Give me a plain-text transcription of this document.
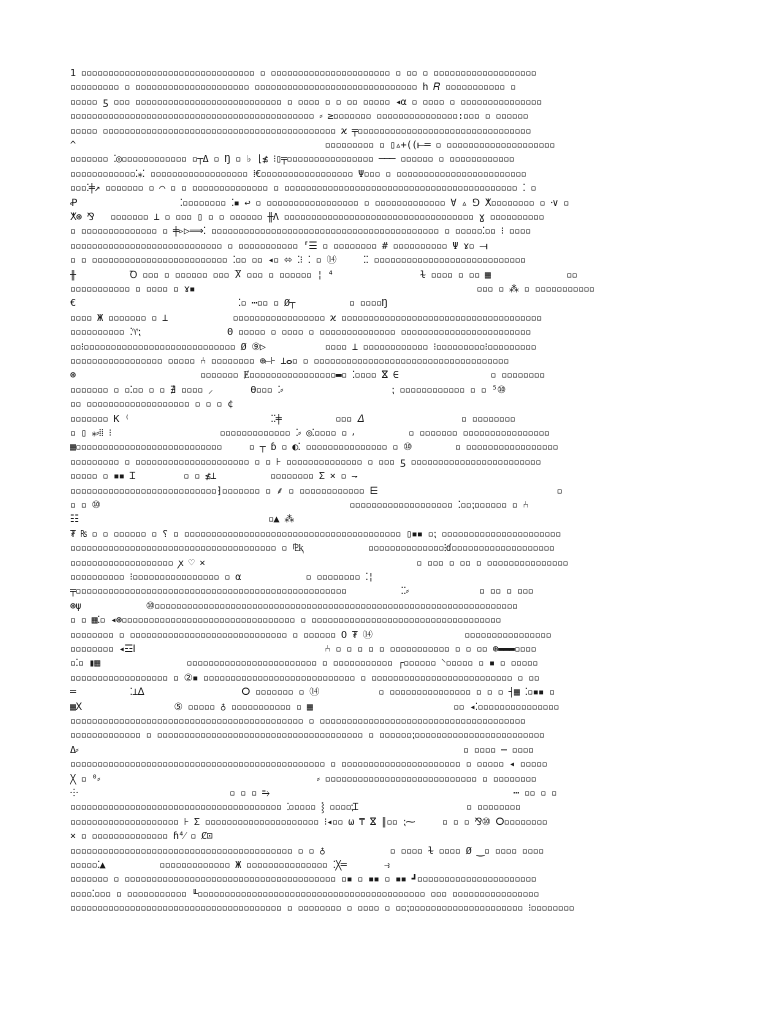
1 ▫▫▫▫▫▫▫▫▫▫▫▫▫▫▫▫▫▫▫▫▫▫▫▫▫▫▫▫▫▫▫▫ ▫ ▫▫▫▫▫▫▫▫▫▫▫▫▫▫▫▫▫▫▫▫▫▫ ▫ ▫▫ ▫ ▫▫▫▫▫▫▫▫▫▫▫▫▫▫▫▫▫▫▫
▫▫▫▫▫▫▫▫▫ ▫ ▫▫▫▫▫▫▫▫▫▫▫▫▫▫▫▫▫▫▫▫▫ ▫▫▫▫▫▫▫▫▫▫▫▫▫▫▫▫▫▫▫▫▫▫▫▫▫▫▫▫▫▫ h 𝑅 ▫▫▫▫▫▫▫▫▫▫▫ ▫
▫▫▫▫▫ ƽ ▫▫▫ ▫▫▫▫▫▫▫▫▫▫▫▫▫▫▫▫▫▫▫▫▫▫▫▫▫▫▫ ▫ ▫▫▫▫ ▫ ▫ ▫▫ ▫▫▫▫▫ ◂α ▫ ▫▫▫▫ ▫ ▫▫▫▫▫▫▫▫▫▫▫▫▫▫▫
▫▫▫▫▫▫▫▫▫▫▫▫▫▫▫▫▫▫▫▫▫▫▫▫▫▫▫▫▫▫▫▫▫▫▫▫▫▫▫▫▫▫▫▫▫ ⸗ ≥▫▫▫▫▫▫▫ ▫▫▫▫▫▫▫▫▫▫▫▫▫▫▫:▫▫▫ ▫ ▫▫▫▫▫▫
▫▫▫▫▫ ▫▫▫▫▫▫▫▫▫▫▫▫▫▫▫▫▫▫▫▫▫▫▫▫▫▫▫▫▫▫▫▫▫▫▫▫▫▫▫▫▫▫▫ ϰ ╤▫▫▫▫▫▫▫▫▫▫▫▫▫▫▫▫▫▫▫▫▫▫▫▫▫▫▫▫▫▫▫▫
^                                              ▫▫▫▫▫▫▫▫▫ ▫ ▯▵+((⟝═ ▫ ▫▫▫▫▫▫▫▫▫▫▫▫▫▫▫▫▫▫▫▫
▫▫▫▫▫▫▫ ⁚◎▫▫▫▫▫▫▫▫▫▫▫▫ ▫┬Δ ▫ Ŋ ▫ ♭ ⌊≴ ⁝▯╤▫▫▫▫▫▫▫▫▫▫▫▫▫▫▫▫ ─── ▫▫▫▫▫▫ ▫ ▫▫▫▫▫▫▫▫▫▫▫▫
▫▫▫▫▫▫▫▫▫▫▫▫⁚⁎⁚ ▫▫▫▫▫▫▫▫▫▫▫▫▫▫▫▫▫▫ ⁞€▫▫▫▫▫▫▫▫▫▫▫▫▫▫▫▫▫ Ψ▫▫▫ ▫ ▫▫▫▫▫▫▫▫▫▫▫▫▫▫▫▫▫▫▫▫▫▫▫▫
▫▫▫⁚╪↗ ▫▫▫▫▫▫▫ ▫ ⌒ ▫ ▫ ▫▫▫▫▫▫▫▫▫▫▫▫▫▫ ▫ ▫▫▫▫▫▫▫▫▫▫▫▫▫▫▫▫▫▫▫▫▫▫▫▫▫▫▫▫▫▫▫▫▫▫▫▫▫▫▫▫▫▫▫ ⁚ ▫
Ꝓ                   ⁚▫▫▫▫▫▫▫▫ ⁚▪ ↩ ▫ ▫▫▫▫▫▫▫▫▫▫▫▫▫▫▫▫▫ ▫ ▫▫▫▫▫▫▫▫▫▫▫▫▫ ∀ ▵ ⅁ ⵅ▫▫▫▫▫▫▫▫ ▫ ⸱∨ ▫
ⵅ⊛ ⅋   ▫▫▫▫▫▫▫ ⊥ ▫ ▫▫▫ ▯ ▫ ▫ ▫▫▫▫▫▫ ╫Λ ▫▫▫▫▫▫▫▫▫▫▫▫▫▫▫▫▫▫▫▫▫▫▫▫▫▫▫▫▫▫▫▫▫▫▫ ɣ ▫▫▫▫▫▫▫▫▫▫
▫ ▫▫▫▫▫▫▫▫▫▫▫▫▫▫ ▫ ╪▹▷⟹⁚ ▫▫▫▫▫▫▫▫▫▫▫▫▫▫▫▫▫▫▫▫▫▫▫▫▫▫▫▫▫▫▫▫▫▫▫▫▫▫▫▫▫▫ ▫ ▫▫▫▫▫⁚▫▫ ⁝ ▫▫▫▫
▫▫▫▫▫▫▫▫▫▫▫▫▫▫▫▫▫▫▫▫▫▫▫▫▫▫▫▫ ▫ ▫▫▫▫▫▫▫▫▫▫▫ ⸢☰ ▫ ▫▫▫▫▫▫▫▫ # ▫▫▫▫▫▫▫▫▫▫ Ψ ɤ▫ ⟞
▫ ▫ ▫▫▫▫▫▫▫▫▫▫▫▫▫▫▫▫▫▫▫▫▫▫▫▫▫ ⁚▫▫ ▫▫ ◂▫ ⬄ ⁚⁝ ⁚ ▫ ⑭     ⁚⁚ ▫▫▫▫▫▫▫▫▫▫▫▫▫▫▫▫▫▫▫▫▫▫▫▫▫▫▫▫
╫          Ꝺ ▫▫▫ ▫ ▫▫▫▫▫▫ ▫▫▫ Ⴟ ▫▫▫ ▫ ▫▫▫▫▫▫ ¦ ⁴                ɫ ▫▫▫▫ ▫ ▫▫ ▦              ▫▫
▫▫▫▫▫▫▫▫▫▫▫ ▫ ▫▫▫▫ ▫ ɤ▪                                                    ▫▫▫ ▫ ⁂ ▫ ▫▫▫▫▫▫▫▫▫▫▫
€                              ⁚▫ ⋯▫▫ ▫ Ø┬          ▫ ▫▫▫▫Ŋ
▫▫▫▫ Ж ▫▫▫▫▫▫▫ ▫ ⊥            ▫▫▫▫▫▫▫▫▫▫▫▫▫▫▫▫▫ ϰ ▫▫▫▫▫▫▫▫▫▫▫▫▫▫▫▫▫▫▫▫▫▫▫▫▫▫▫▫▫▫▫▫▫▫▫▫▫
▫▫▫▫▫▫▫▫▫▫ ⁚♈⁏                Θ ▫▫▫▫▫ ▫ ▫▫▫▫ ▫ ▫▫▫▫▫▫▫▫▫▫▫▫▫▫ ▫▫▫▫▫▫▫▫▫▫▫▫▫▫▫▫▫▫▫▫▫▫▫▫
▫▫⁝▫▫▫▫▫▫▫▫▫▫▫▫▫▫▫▫▫▫▫▫▫▫▫▫▫▫▫▫ Ø ⑨▷           ▫▫▫▫ ⊥ ▫▫▫▫▫▫▫▫▫▫▫▫ ⁝▫▫▫▫▫▫▫▫▫⁝▫▫▫▫▫▫▫▫▫
▫▫▫▫▫▫▫▫▫▫▫▫▫▫▫▫▫ ▫▫▫▫▫ ⑃ ▫▫▫▫▫▫▫▫ ⊕⟝⊦ ⊥ⴰ▫ ▫ ▫▫▫▫▫▫▫▫▫▫▫▫▫▫▫▫▫▫▫▫▫▫▫▫▫▫▫▫▫▫▫▫▫▫▫▫
⊛                       ▫▫▫▫▫▫▫ Ɇ▫▫▫▫▫▫▫▫▫▫▫▫▫▫▫▫▬▫ ⁚▫▫▫▫ ⴵ ∈                 ▫ ▫▫▫▫▫▫▫▫
▫▫▫▫▫▫▫ ▫ ▫⁚▫▫ ▫ ▫ ∄ ▫▫▫▫ ⸝       ϴ▫▫▫ ⁚⸗                    ⁏ ▫▫▫▫▫▫▫▫▫▫▫▫ ▫ ▫ ⁵⑩
▫▫ ▫▫▫▫▫▫▫▫▫▫▫▫▫▫▫▫▫▫▫ ▫ ▫ ▫ ¢
▫▫▫▫▫▫▫ K ⁽                          ⁚⁚╪          ▫▫▫ 𝛥                  ▫ ▫▫▫▫▫▫▫▫
▫ ▯ ⁎⸗⁞⁞ ⁝                    ▫▫▫▫▫▫▫▫▫▫▫▫▫ ⁚⸗ ◎⁚▫▫▫▫ ▫ ⸴          ▫ ▫▫▫▫▫▫▫ ▫▫▫▫▫▫▫▫▫▫▫▫▫▫▫▫
▦▫▫▫▫▫▫▫▫▫▫▫▫▫▫▫▫▫▫▫▫▫▫▫▫▫▫▫     ▫ ┬ ɓ ▫ ◐⁚ ▫▫▫▫▫▫▫▫▫▫▫▫▫▫▫ ▫ ⑩        ▫ ▫▫▫▫▫▫▫▫▫▫▫▫▫▫▫▫▫
▫▫▫▫▫▫▫▫▫ ▫ ▫▫▫▫▫▫▫▫▫▫▫▫▫▫▫▫▫▫▫▫▫ ▫ ▫ ⊦ ▫▫▫▫▫▫▫▫▫▫▫▫▫▫ ▫ ▫▫▫ ƽ ▫▫▫▫▫▫▫▫▫▫▫▫▫▫▫▫▫▫▫▫▫▫▫▫
▫▫▫▫▫ ▫ ▪▪ Ɪ         ▫ ▫ ≴⊥          ▫▫▫▫▫▫▫▫ Σ ⨯ ▫ ⇁
▫▫▫▫▫▫▫▫▫▫▫▫▫▫▫▫▫▫▫▫▫▫▫▫▫▫▫⁆▫▫▫▫▫▫▫ ▫ ⸙ ▫ ▫▫▫▫▫▫▫▫▫▫▫▫ ⋿                                 ▫
▫ ▫ ⑩                                              ▫▫▫▫▫▫▫▫▫▫▫▫▫▫▫▫▫▫▫ ⁚▫▫⁏▫▫▫▫▫▫ ▫ ⑃
☷                                   ▫▲ ⁂
₮ ₨ ▫ ▫ ▫▫▫▫▫▫ ▫ ⸮ ▫ ▫▫▫▫▫▫▫▫▫▫▫▫▫▫▫▫▫▫▫▫▫▫▫▫▫▫▫▫▫▫▫▫▫▫▫▫▫▫▫▫ ▯▪▪ ▫⁏ ▫▫▫▫▫▫▫▫▫▫▫▫▫▫▫▫▫▫▫▫▫▫
▫▫▫▫▫▫▫▫▫▫▫▫▫▫▫▫▫▫▫▫▫▫▫▫▫▫▫▫▫▫▫▫▫▫▫▫▫▫ ▫ ⅊ⱪ            ▫▫▫▫▫▫▫▫▫▫▫▫▫▫⁝ɗ▫▫▫▫▫▫▫▫▫▫▫▫▫▫▫▫▫▫▫
▫▫▫▫▫▫▫▫▫▫▫▫▫▫▫▫▫▫▫ ꭗ ♡ ⨯                                       ▫ ▫▫▫ ▫ ▫▫ ▫ ▫▫▫▫▫▫▫▫▫▫▫▫▫▫▫
▫▫▫▫▫▫▫▫▫▫ ⁝▫▫▫▫▫▫▫▫▫▫▫▫▫▫▫▫ ▫ α            ▫ ▫▫▫▫▫▫▫▫ ⁚¦
╤▫▫▫▫▫▫▫▫▫▫▫▫▫▫▫▫▫▫▫▫▫▫▫▫▫▫▫▫▫▫▫▫▫▫▫▫▫▫▫▫▫▫▫▫▫▫▫▫▫▫          ⁚⁚⸗             ▫ ▫▫ ▫ ▫▫▫
⊛ψ            ⑩▫▫▫▫▫▫▫▫▫▫▫▫▫▫▫▫▫▫▫▫▫▫▫▫▫▫▫▫▫▫▫▫▫▫▫▫▫▫▫▫▫▫▫▫▫▫▫▫▫▫▫▫▫▫▫▫▫▫▫▫▫▫▫▫▫▫▫
▫ ▫ ▦⁚▫ ◂⊛▫▫▫▫▫▫▫▫▫▫▫▫▫▫▫▫▫▫▫▫▫▫▫▫▫▫▫▫▫▫▫▫ ▫ ▫▫▫▫▫▫▫▫▫▫▫▫▫▫▫▫▫▫▫▫▫▫▫▫▫▫▫▫▫▫▫▫▫▫▫
▫▫▫▫▫▫▫▫ ▫ ▫▫▫▫▫▫▫▫▫▫▫▫▫▫▫▫▫▫▫▫▫▫▫▫▫▫▫▫▫ ▫ ▫▫▫▫▫▫ Ö ₮ ⑭                 ▫▫▫▫▫▫▫▫▫▫▫▫▫▫▫▫
▫▫▫▫▫▫▫▫ ◂☲ⵏ                                   ⑃ ▫ ▫ ▫ ▫ ▫ ▫▫▫▫▫▫▫▫▫▫▫ ▫ ▫ ▫▫ ⊛▬▬▬▫▫▫▫
▫⁚▫ ▮▦                ▫▫▫▫▫▫▫▫▫▫▫▫▫▫▫▫▫▫▫▫▫▫▫▫ ▫ ▫▫▫▫▫▫▫▫▫▫▫ ┌▫▫▫▫▫▫ ⸌▫▫▫▫▫ ▫ ▪ ▫ ▫▫▫▫▫
▫▫▫▫▫▫▫▫▫▫▫▫▫▫▫▫▫▫ ▫ ②▪ ▫▫▫▫▫▫▫▫▫▫▫▫▫▫▫▫▫▫▫▫▫▫▫▫▫▫▫▫ ▫ ▫▫▫▫▫▫▫▫▫▫▫▫▫▫▫▫▫▫▫▫▫▫▫▫▫▫ ▫ ▫▫
═          ⁚⊥ⵠ                  ⵔ ▫▫▫▫▫▫▫ ▫ ⑭           ▫ ▫▫▫▫▫▫▫▫▫▫▫▫▫▫▫ ▫ ▫ ▫ ┤▦ ⁚▫▪▪ ▫
▦ⵝ                 ⑤ ▫▫▫▫▫ ♁ ▫▫▫▫▫▫▫▫▫▫▫ ▫ ▦                          ▫▫ ◂⁚▫▫▫▫▫▫▫▫▫▫▫▫▫▫▫
▫▫▫▫▫▫▫▫▫▫▫▫▫▫▫▫▫▫▫▫▫▫▫▫▫▫▫▫▫▫▫▫▫▫▫▫▫▫▫▫▫▫▫ ▫ ▫▫▫▫▫▫▫▫▫▫▫▫▫▫▫▫▫▫▫▫▫▫▫▫▫▫▫▫▫▫▫▫▫▫▫▫▫▫
▫▫▫▫▫▫▫▫▫▫▫▫▫ ▫ ▫▫▫▫▫▫▫▫▫▫▫▫▫▫▫▫▫▫▫▫▫▫▫▫▫▫▫▫▫▫▫▫▫▫▫▫▫▫ ▫ ▫▫▫▫▫▫⁏▫▫▫▫▫▫▫▫▫▫▫▫▫▫▫▫▫▫▫▫▫▫▫▫
Δ⸗                                                                       ▫ ▫▫▫▫ ⋯ ▫▫▫▫
▫▫▫▫▫▫▫▫▫▫▫▫▫▫▫▫▫▫▫▫▫▫▫▫▫▫▫▫▫▫▫▫▫▫▫▫▫▫▫▫▫▫▫▫▫▫▫ ▫ ▫▫▫▫▫▫▫▫▫▫▫▫▫▫▫▫▫▫▫▫▫▫ ▫ ▫▫▫▫▫ ◂ ▫▫▫▫▫
╳ ▫ ⁰⸗                                        ⸗ ▫▫▫▫▫▫▫▫▫▫▫▫▫▫▫▫▫▫▫▫▫▫▫▫▫▫▫▫ ▫ ▫▫▫▫▫▫▫▫
⸭                            ▫ ▫ ▫ ⥱                                             ⋯ ▫▫ ▫ ▫
▫▫▫▫▫▫▫▫▫▫▫▫▫▫▫▫▫▫▫▫▫▫▫▫▫▫▫▫▫▫▫▫▫▫▫▫▫▫▫ ⁚▫▫▫▫▫ ⸾ ▫▫▫▫⁏Ɪ                    ▫ ▫▫▫▫▫▫▫▫
▫▫▫▫▫▫▫▫▫▫▫▫▫▫▫▫▫▫▫▫ ⊦ Σ ▫▫▫▫▫▫▫▫▫▫▫▫▫▫▫▫▫▫▫▫▫ ⁝◂▫▫ ω ₸ ⴵ ║▫▫ ⁏⁓     ▫ ▫ ▫ ⅋⑩ ⵔ▫▫▫▫▫▫▫▫
⨯ ▫ ▫▫▫▫▫▫▫▫▫▫▫▫▫▫ ɦ⁴⁄ ▫ Ȼ⊡
▫▫▫▫▫▫▫▫▫▫▫▫▫▫▫▫▫▫▫▫▫▫▫▫▫▫▫▫▫▫▫▫▫▫▫▫▫▫▫▫▫ ▫ ▫ ♁            ▫ ▫▫▫▫ ɫ ▫▫▫▫ Ø ⁐▫ ▫▫▫▫ ▫▫▫▫
▫▫▫▫▫⁚▲          ▫▫▫▫▫▫▫▫▫▫▫▫▫ Ж ▫▫▫▫▫▫▫▫▫▫▫▫▫▫▫ ⁚╳═       ⥽
▫▫▫▫▫▫▫ ▫ ▫▫▫▫▫▫▫▫▫▫▫▫▫▫▫▫▫▫▫▫▫▫▫▫▫▫▫▫▫▫▫▫▫▫▫▫▫▫▫ ▫▪ ▫ ▪▪ ▫ ▪▪ ┛▫▫▫▫▫▫▫▫▫▫▫▫▫▫▫▫▫▫▫▫▫▫
▫▫▫▫⁚▫▫▫ ▫ ▫▫▫▫▫▫▫▫▫▫▫ ╙▫▫▫▫▫▫▫▫▫▫▫▫▫▫▫▫▫▫▫▫▫▫▫▫▫▫▫▫▫▫▫▫▫▫▫▫▫▫▫▫▫▫ ▫▫▫ ▫▫▫▫▫▫▫▫▫▫▫▫▫▫▫▫
▫▫▫▫▫▫▫▫▫▫▫▫▫▫▫▫▫▫▫▫▫▫▫▫▫▫▫▫▫▫▫▫▫▫▫▫▫▫▫ ▫ ▫▫▫▫▫▫▫▫ ▫ ▫▫▫▫ ▫ ▫▫⁏▫▫▫▫▫▫▫▫▫▫▫▫▫▫▫▫▫▫▫▫▫ ⁝▫▫▫▫▫▫▫▫
